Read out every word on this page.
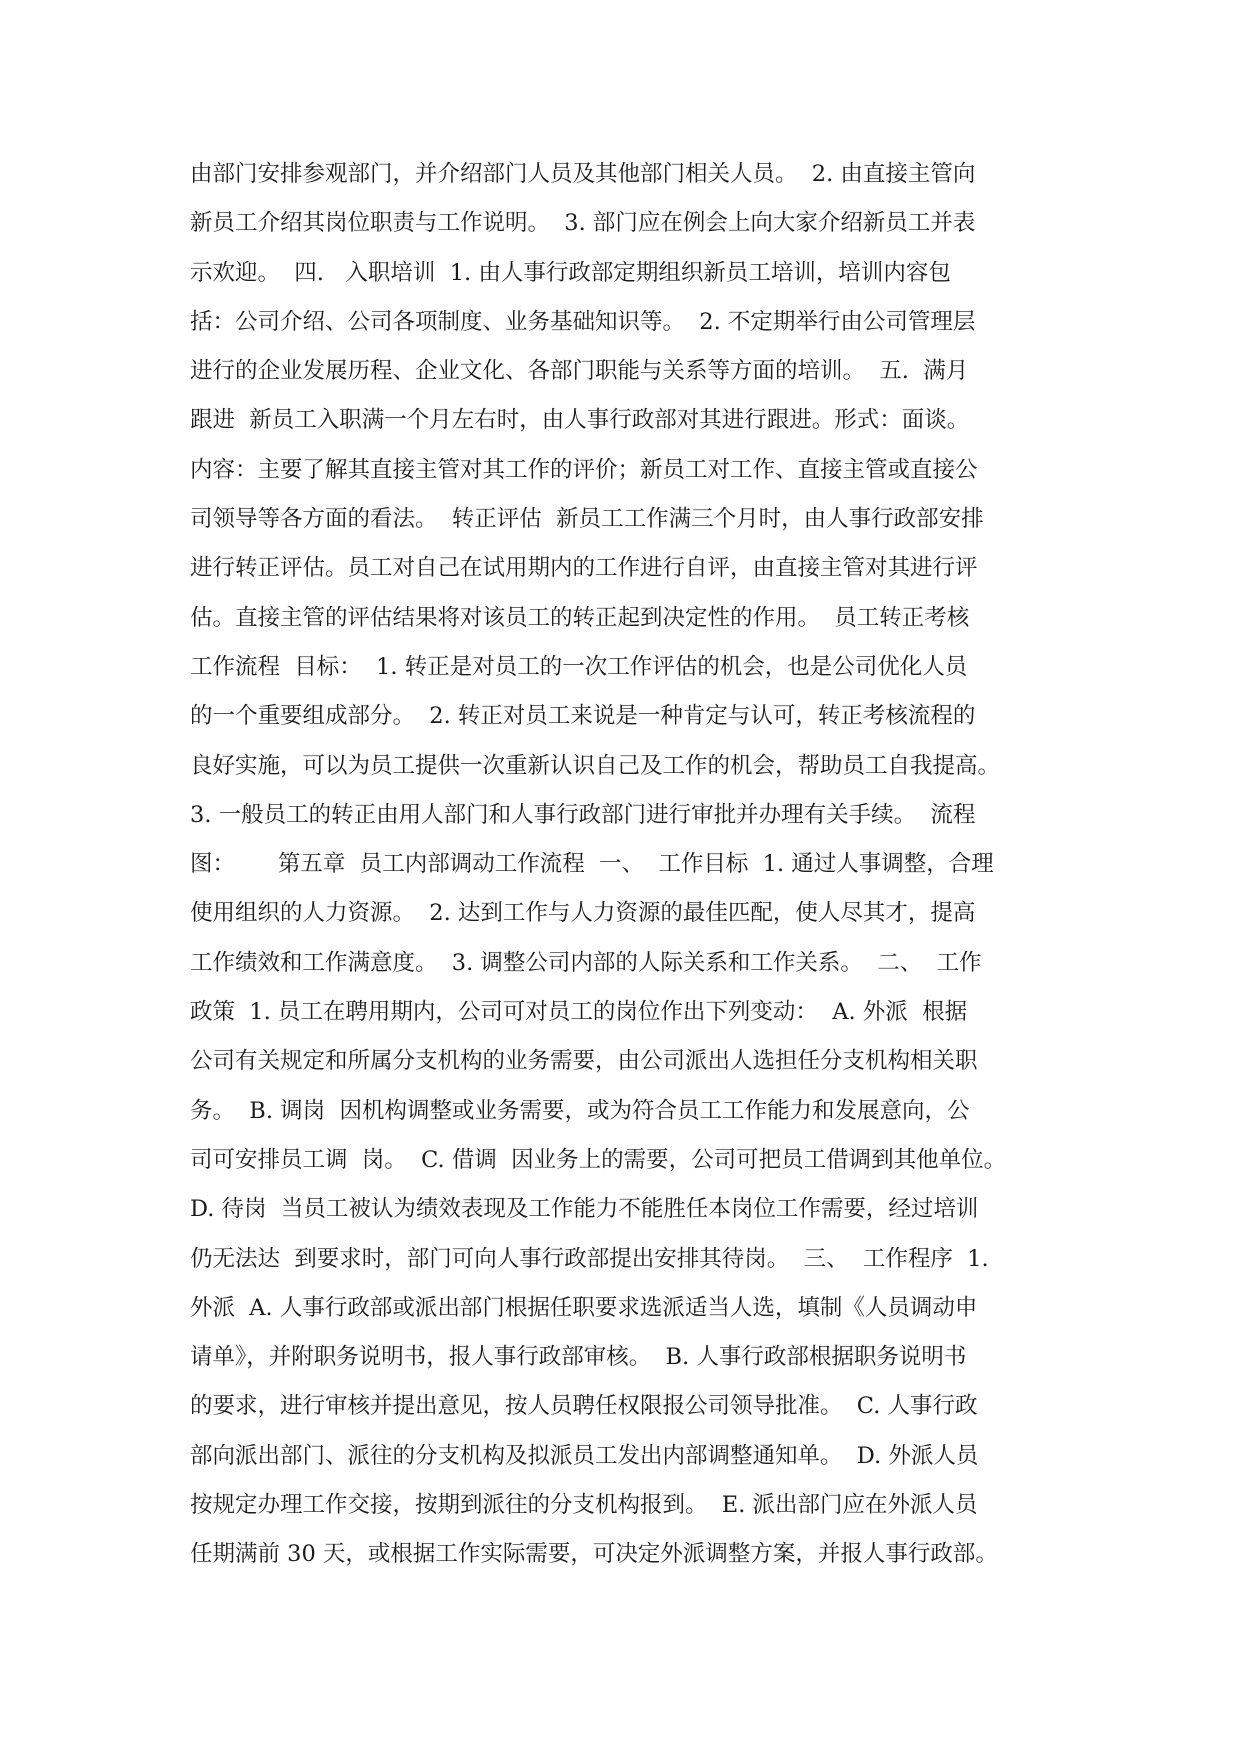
由部门安排参观部门，并介绍部门人员及其他部门相关人员。  2. 由直接主管向
新员工介绍其岗位职责与工作说明。  3. 部门应在例会上向大家介绍新员工并表
示欢迎。  四.   入职培训  1. 由人事行政部定期组织新员工培训，培训内容包
括：公司介绍、公司各项制度、业务基础知识等。  2. 不定期举行由公司管理层
进行的企业发展历程、企业文化、各部门职能与关系等方面的培训。  五.  满月
跟进  新员工入职满一个月左右时，由人事行政部对其进行跟进。形式：面谈。
内容：主要了解其直接主管对其工作的评价；新员工对工作、直接主管或直接公
司领导等各方面的看法。  转正评估  新员工工作满三个月时，由人事行政部安排
进行转正评估。员工对自己在试用期内的工作进行自评，由直接主管对其进行评
估。直接主管的评估结果将对该员工的转正起到决定性的作用。  员工转正考核
工作流程  目标：  1. 转正是对员工的一次工作评估的机会，也是公司优化人员
的一个重要组成部分。  2. 转正对员工来说是一种肯定与认可，转正考核流程的
良好实施，可以为员工提供一次重新认识自己及工作的机会，帮助员工自我提高。
3. 一般员工的转正由用人部门和人事行政部门进行审批并办理有关手续。  流程
图：      第五章  员工内部调动工作流程  一、  工作目标  1. 通过人事调整，合理
使用组织的人力资源。  2. 达到工作与人力资源的最佳匹配，使人尽其才，提高
工作绩效和工作满意度。  3. 调整公司内部的人际关系和工作关系。  二、  工作
政策  1. 员工在聘用期内，公司可对员工的岗位作出下列变动：  A. 外派  根据
公司有关规定和所属分支机构的业务需要，由公司派出人选担任分支机构相关职
务。  B. 调岗  因机构调整或业务需要，或为符合员工工作能力和发展意向，公
司可安排员工调  岗。  C. 借调  因业务上的需要，公司可把员工借调到其他单位。
D. 待岗  当员工被认为绩效表现及工作能力不能胜任本岗位工作需要，经过培训
仍无法达  到要求时，部门可向人事行政部提出安排其待岗。  三、  工作程序  1.
外派  A. 人事行政部或派出部门根据任职要求选派适当人选，填制《人员调动申
请单》，并附职务说明书，报人事行政部审核。  B. 人事行政部根据职务说明书
的要求，进行审核并提出意见，按人员聘任权限报公司领导批准。  C. 人事行政
部向派出部门、派往的分支机构及拟派员工发出内部调整通知单。  D. 外派人员
按规定办理工作交接，按期到派往的分支机构报到。  E. 派出部门应在外派人员
任期满前 30 天，或根据工作实际需要，可决定外派调整方案，并报人事行政部。
